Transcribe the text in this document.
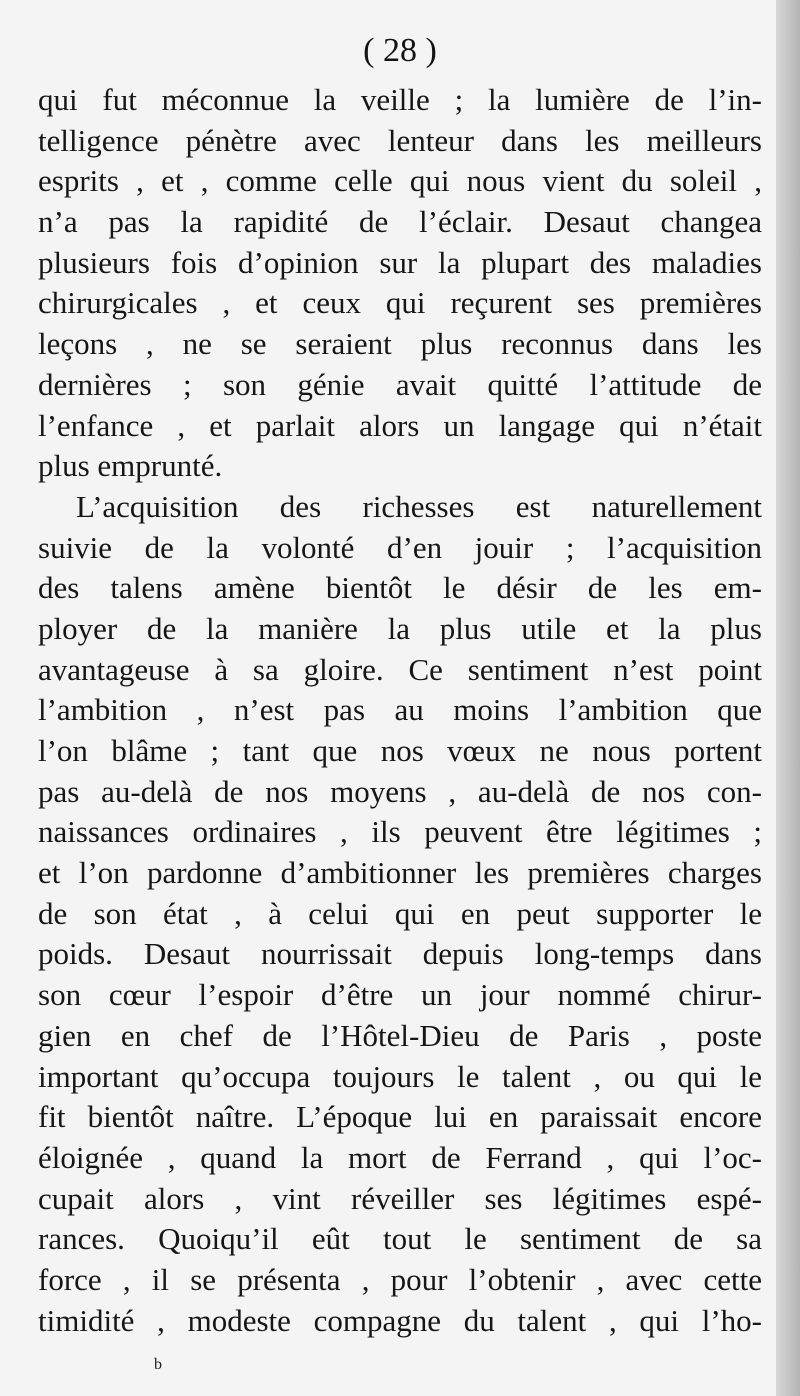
( 28 )
qui fut méconnue la veille ; la lumière de l’in-
telligence pénètre avec lenteur dans les meilleurs
esprits , et , comme celle qui nous vient du soleil ,
n’a pas la rapidité de l’éclair. Desaut changea
plusieurs fois d’opinion sur la plupart des maladies
chirurgicales , et ceux qui reçurent ses premières
leçons , ne se seraient plus reconnus dans les
dernières ; son génie avait quitté l’attitude de
l’enfance , et parlait alors un langage qui n’était
plus emprunté.
L’acquisition des richesses est naturellement
suivie de la volonté d’en jouir ; l’acquisition
des talens amène bientôt le désir de les em-
ployer de la manière la plus utile et la plus
avantageuse à sa gloire. Ce sentiment n’est point
l’ambition , n’est pas au moins l’ambition que
l’on blâme ; tant que nos vœux ne nous portent
pas au-delà de nos moyens , au-delà de nos con-
naissances ordinaires , ils peuvent être légitimes ;
et l’on pardonne d’ambitionner les premières charges
de son état , à celui qui en peut supporter le
poids. Desaut nourrissait depuis long-temps dans
son cœur l’espoir d’être un jour nommé chirur-
gien en chef de l’Hôtel-Dieu de Paris , poste
important qu’occupa toujours le talent , ou qui le
fit bientôt naître. L’époque lui en paraissait encore
éloignée , quand la mort de Ferrand , qui l’oc-
cupait alors , vint réveiller ses légitimes espé-
rances. Quoiqu’il eût tout le sentiment de sa
force , il se présenta , pour l’obtenir , avec cette
timidité , modeste compagne du talent , qui l’ho-
b
